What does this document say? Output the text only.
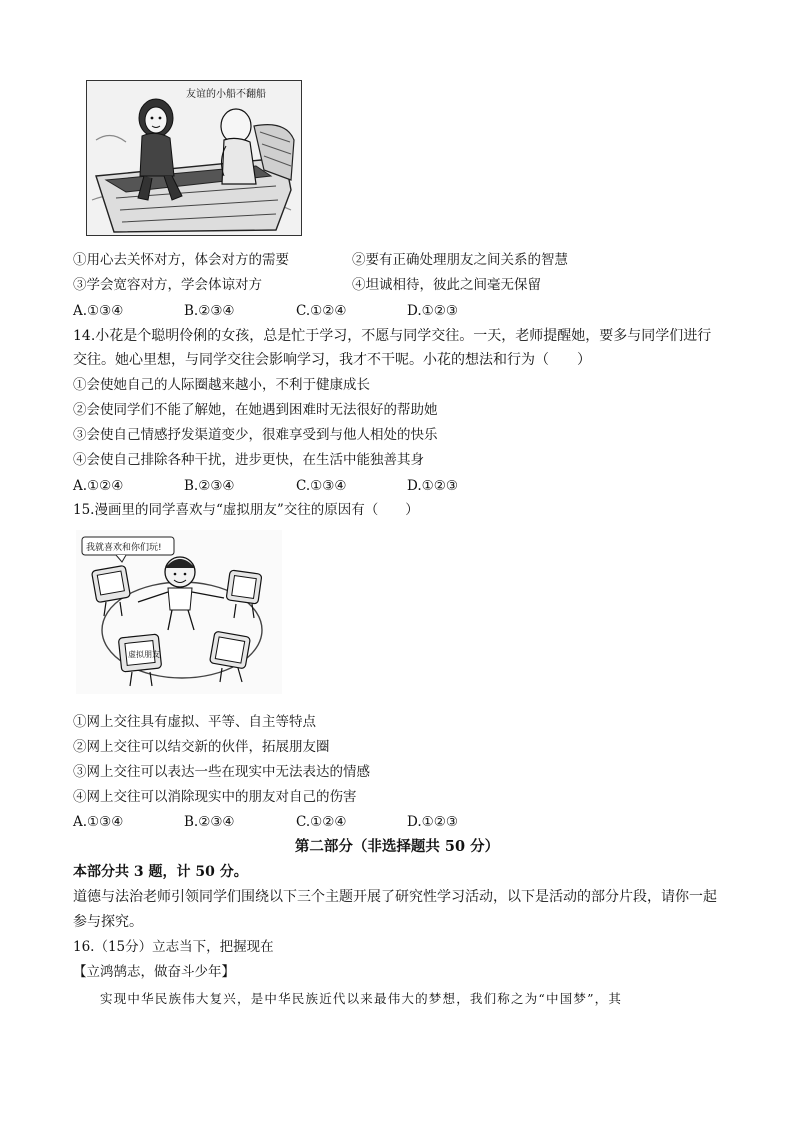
友谊的小船不翻船
①用心去关怀对方，体会对方的需要	②要有正确处理朋友之间关系的智慧
③学会宽容对方，学会体谅对方	④坦诚相待，彼此之间毫无保留
A.①③④	B.②③④	C.①②④	D.①②③
14.小花是个聪明伶俐的女孩，总是忙于学习，不愿与同学交往。一天，老师提醒她，要多与同学们进行
交往。她心里想，与同学交往会影响学习，我才不干呢。小花的想法和行为（　　）
①会使她自己的人际圈越来越小，不利于健康成长
②会使同学们不能了解她，在她遇到困难时无法很好的帮助她
③会使自己情感抒发渠道变少，很难享受到与他人相处的快乐
④会使自己排除各种干扰，进步更快，在生活中能独善其身
A.①②④	B.②③④	C.①③④	D.①②③
15.漫画里的同学喜欢与“虚拟朋友”交往的原因有（　　）
我就喜欢和你们玩!
虚拟朋友
①网上交往具有虚拟、平等、自主等特点
②网上交往可以结交新的伙伴，拓展朋友圈
③网上交往可以表达一些在现实中无法表达的情感
④网上交往可以消除现实中的朋友对自己的伤害
A.①③④	B.②③④	C.①②④	D.①②③
第二部分（非选择题共 50 分）
本部分共 3 题，计 50 分。
道德与法治老师引领同学们围绕以下三个主题开展了研究性学习活动，以下是活动的部分片段，请你一起
参与探究。
16.（15分）立志当下，把握现在
【立鸿鹄志，做奋斗少年】
实现中华民族伟大复兴，是中华民族近代以来最伟大的梦想，我们称之为“中国梦”，其
